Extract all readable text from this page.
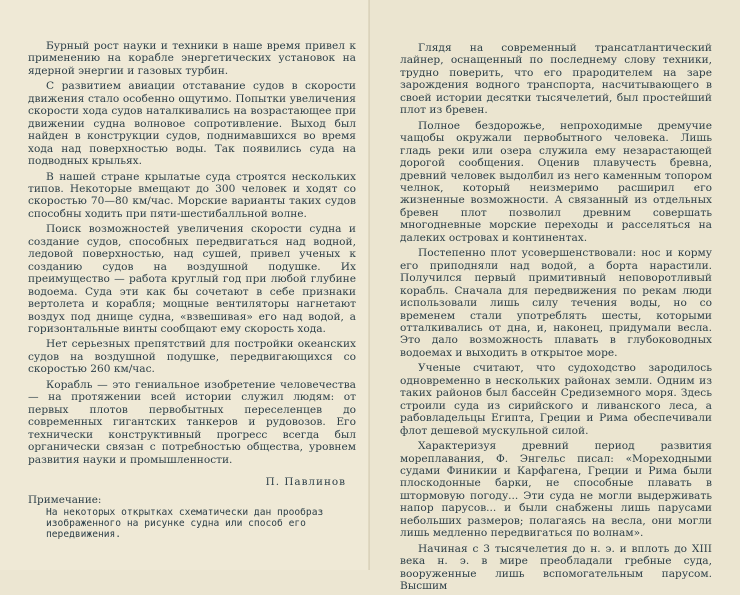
Бурный рост науки и техники в наше время привел к применению на корабле энергетических установок на ядерной энергии и газовых турбин.

С развитием авиации отставание судов в скорости движения стало особенно ощутимо. Попытки увеличения скорости хода судов наталкивались на возрастающее при движении судна волновое сопротивление. Выход был найден в конструкции судов, поднимавшихся во время хода над поверхностью воды. Так появились суда на подводных крыльях.

В нашей стране крылатые суда строятся нескольких типов. Некоторые вмещают до 300 человек и ходят со скоростью 70—80 км/час. Морские варианты таких судов способны ходить при пяти-шестибалльной волне.

Поиск возможностей увеличения скорости судна и создание судов, способных передвигаться над водной, ледовой поверхностью, над сушей, привел ученых к созданию судов на воздушной подушке. Их преимущество — работа круглый год при любой глубине водоема. Суда эти как бы сочетают в себе признаки вертолета и корабля; мощные вентиляторы нагнетают воздух под днище судна, «взвешивая» его над водой, а горизонтальные винты сообщают ему скорость хода.

Нет серьезных препятствий для постройки океанских судов на воздушной подушке, передвигающихся со скоростью 260 км/час.

Корабль — это гениальное изобретение человечества — на протяжении всей истории служил людям: от первых плотов первобытных переселенцев до современных гигантских танкеров и рудовозов. Его технически конструктивный прогресс всегда был органически связан с потребностью общества, уровнем развития науки и промышленности.

П. Павлинов
Примечание:
На некоторых открытках схематически дан прообраз изображенного на рисунке судна или способ его передвижения.

Глядя на современный трансатлантический лайнер, оснащенный по последнему слову техники, трудно поверить, что его прародителем на заре зарождения водного транспорта, насчитывающего в своей истории десятки тысячелетий, был простейший плот из бревен.

Полное бездорожье, непроходимые дремучие чащобы окружали первобытного человека. Лишь гладь реки или озера служила ему незарастающей дорогой сообщения. Оценив плавучесть бревна, древний человек выдолбил из него каменным топором челнок, который неизмеримо расширил его жизненные возможности. А связанный из отдельных бревен плот позволил древним совершать многодневные морские переходы и расселяться на далеких островах и континентах.

Постепенно плот усовершенствовали: нос и корму его приподняли над водой, а борта нарастили. Получился первый примитивный неповоротливый корабль. Сначала для передвижения по рекам люди использовали лишь силу течения воды, но со временем стали употреблять шесты, которыми отталкивались от дна, и, наконец, придумали весла. Это дало возможность плавать в глубоководных водоемах и выходить в открытое море.

Ученые считают, что судоходство зародилось одновременно в нескольких районах земли. Одним из таких районов был бассейн Средиземного моря. Здесь строили суда из сирийского и ливанского леса, а рабовладельцы Египта, Греции и Рима обеспечивали флот дешевой мускульной силой.

Характеризуя древний период развития мореплавания, Ф. Энгельс писал: «Мореходными судами Финикии и Карфагена, Греции и Рима были плоскодонные барки, не способные плавать в штормовую погоду... Эти суда не могли выдерживать напор парусов... и были снабжены лишь парусами небольших размеров; полагаясь на весла, они могли лишь медленно передвигаться по волнам».

Начиная с 3 тысячелетия до н. э. и вплоть до XIII века н. э. в мире преобладали гребные суда, вооруженные лишь вспомогательным парусом. Высшим
